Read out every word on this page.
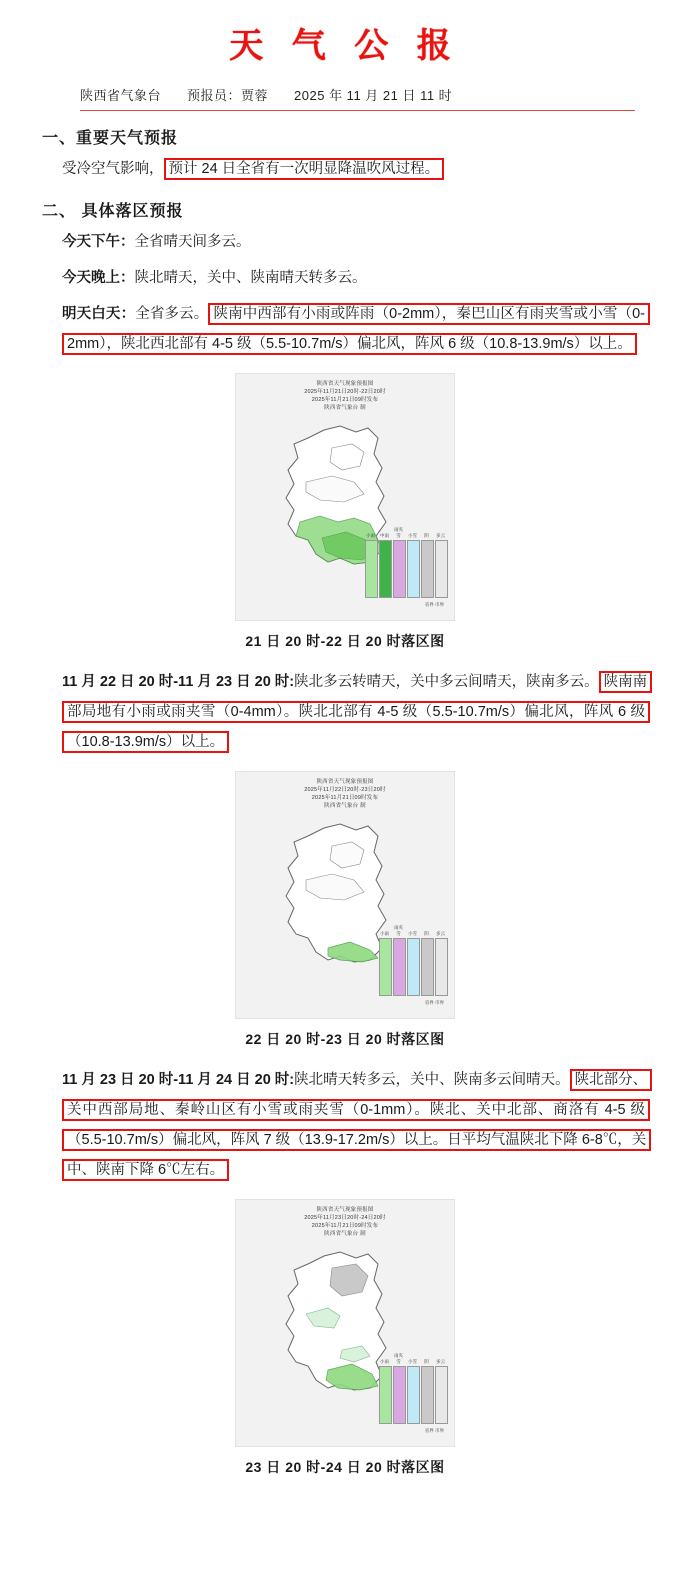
天 气 公 报
陕西省气象台 预报员：贾蓉 2025 年 11 月 21 日 11 时
一、重要天气预报
受冷空气影响， 预计 24 日全省有一次明显降温吹风过程。
二、 具体落区预报
今天下午：全省晴天间多云。
今天晚上：陕北晴天，关中、陕南晴天转多云。
明天白天：全省多云。 陕南中西部有小雨或阵雨（0-2mm），秦巴山区有雨夹雪或小雪（0-2mm），陕北西北部有 4-5 级（5.5-10.7m/s）偏北风，阵风 6 级（10.8-13.9m/s）以上。
陕西省天气现象预报图
2025年11月21日20时-22日20时
2025年11月21日09时发布
陕西省气象台 制
小雨 中雨
雨夹雪	小雪	阴	多云
省界 市界
21 日 20 时-22 日 20 时落区图
11 月 22 日 20 时-11 月 23 日 20 时:陕北多云转晴天，关中多云间晴天，陕南多云。 陕南南部局地有小雨或雨夹雪（0-4mm）。陕北北部有 4-5 级（5.5-10.7m/s）偏北风，阵风 6 级（10.8-13.9m/s）以上。
陕西省天气现象预报图
2025年11月22日20时-23日20时
2025年11月21日09时发布
陕西省气象台 制
小雨
雨夹雪	小雪	阴	多云
省界 市界
22 日 20 时-23 日 20 时落区图
11 月 23 日 20 时-11 月 24 日 20 时:陕北晴天转多云，关中、陕南多云间晴天。 陕北部分、关中西部局地、秦岭山区有小雪或雨夹雪（0-1mm）。陕北、关中北部、商洛有 4-5 级（5.5-10.7m/s）偏北风，阵风 7 级（13.9-17.2m/s）以上。日平均气温陕北下降 6-8℃，关中、陕南下降 6℃左右。
陕西省天气现象预报图
2025年11月23日20时-24日20时
2025年11月21日09时发布
陕西省气象台 制
小雨
雨夹雪	小雪	阴	多云
省界 市界
23 日 20 时-24 日 20 时落区图
